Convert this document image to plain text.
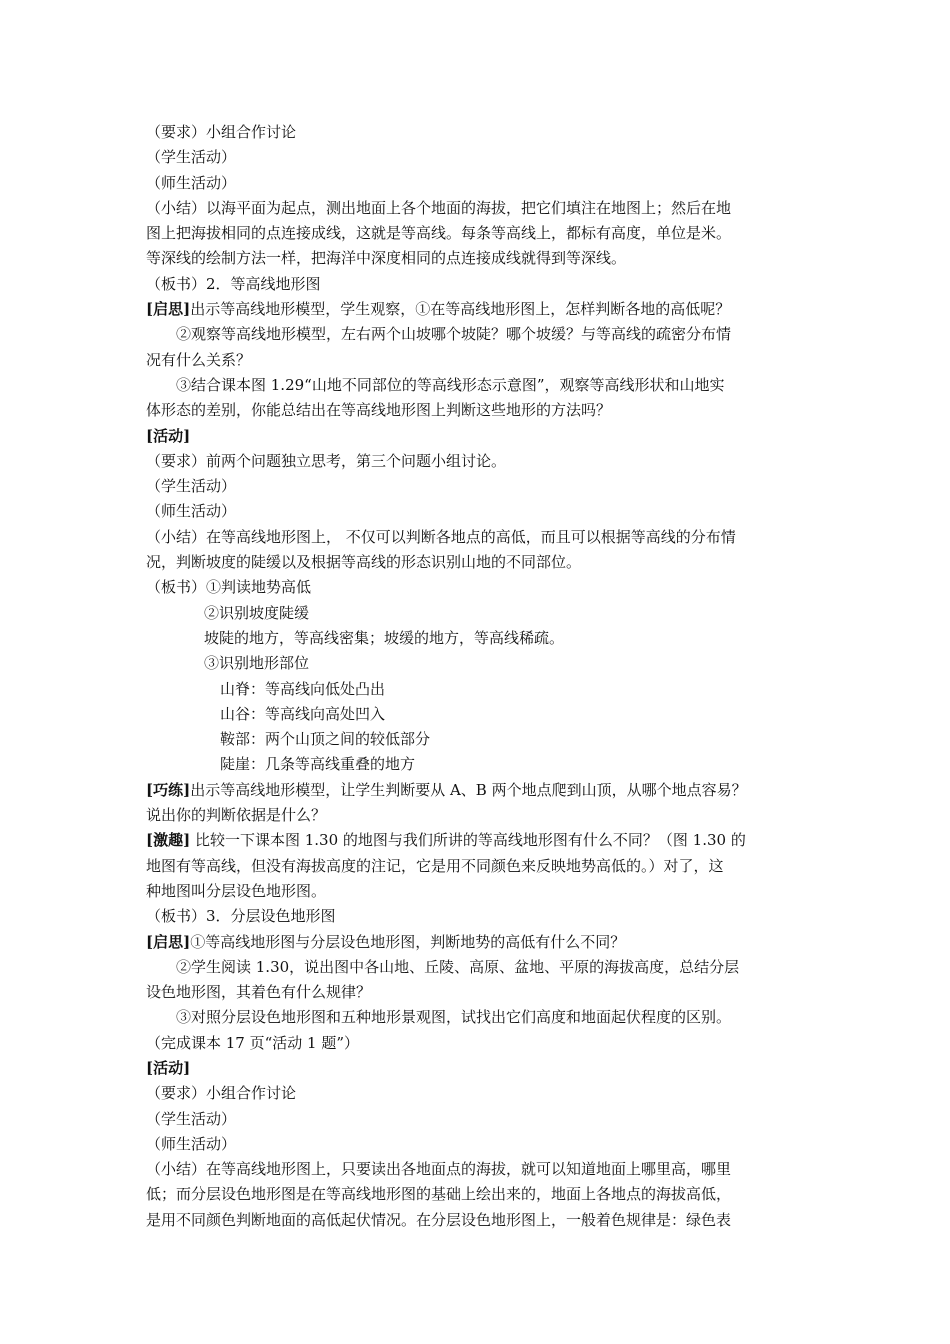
（要求）小组合作讨论
（学生活动）
（师生活动）
（小结）以海平面为起点，测出地面上各个地面的海拔，把它们填注在地图上；然后在地
图上把海拔相同的点连接成线，这就是等高线。每条等高线上，都标有高度，单位是米。
等深线的绘制方法一样，把海洋中深度相同的点连接成线就得到等深线。
（板书）2．等高线地形图
[启思]出示等高线地形模型，学生观察，①在等高线地形图上，怎样判断各地的高低呢？
②观察等高线地形模型，左右两个山坡哪个坡陡？哪个坡缓？与等高线的疏密分布情
况有什么关系？
③结合课本图 1.29“山地不同部位的等高线形态示意图”，观察等高线形状和山地实
体形态的差别，你能总结出在等高线地形图上判断这些地形的方法吗？
[活动]
（要求）前两个问题独立思考，第三个问题小组讨论。
（学生活动）
（师生活动）
（小结）在等高线地形图上， 不仅可以判断各地点的高低，而且可以根据等高线的分布情
况，判断坡度的陡缓以及根据等高线的形态识别山地的不同部位。
（板书）①判读地势高低
②识别坡度陡缓
坡陡的地方，等高线密集；坡缓的地方，等高线稀疏。
③识别地形部位
山脊：等高线向低处凸出
山谷：等高线向高处凹入
鞍部：两个山顶之间的较低部分
陡崖：几条等高线重叠的地方
[巧练]出示等高线地形模型，让学生判断要从 A、B 两个地点爬到山顶，从哪个地点容易？
说出你的判断依据是什么？
[激趣] 比较一下课本图 1.30 的地图与我们所讲的等高线地形图有什么不同？（图 1.30 的
地图有等高线，但没有海拔高度的注记，它是用不同颜色来反映地势高低的。）对了，这
种地图叫分层设色地形图。
（板书）3．分层设色地形图
[启思]①等高线地形图与分层设色地形图，判断地势的高低有什么不同？
②学生阅读 1.30，说出图中各山地、丘陵、高原、盆地、平原的海拔高度，总结分层
设色地形图，其着色有什么规律？
③对照分层设色地形图和五种地形景观图，试找出它们高度和地面起伏程度的区别。
（完成课本 17 页“活动 1 题”）
[活动]
（要求）小组合作讨论
（学生活动）
（师生活动）
（小结）在等高线地形图上，只要读出各地面点的海拔，就可以知道地面上哪里高，哪里
低；而分层设色地形图是在等高线地形图的基础上绘出来的，地面上各地点的海拔高低，
是用不同颜色判断地面的高低起伏情况。在分层设色地形图上，一般着色规律是：绿色表
